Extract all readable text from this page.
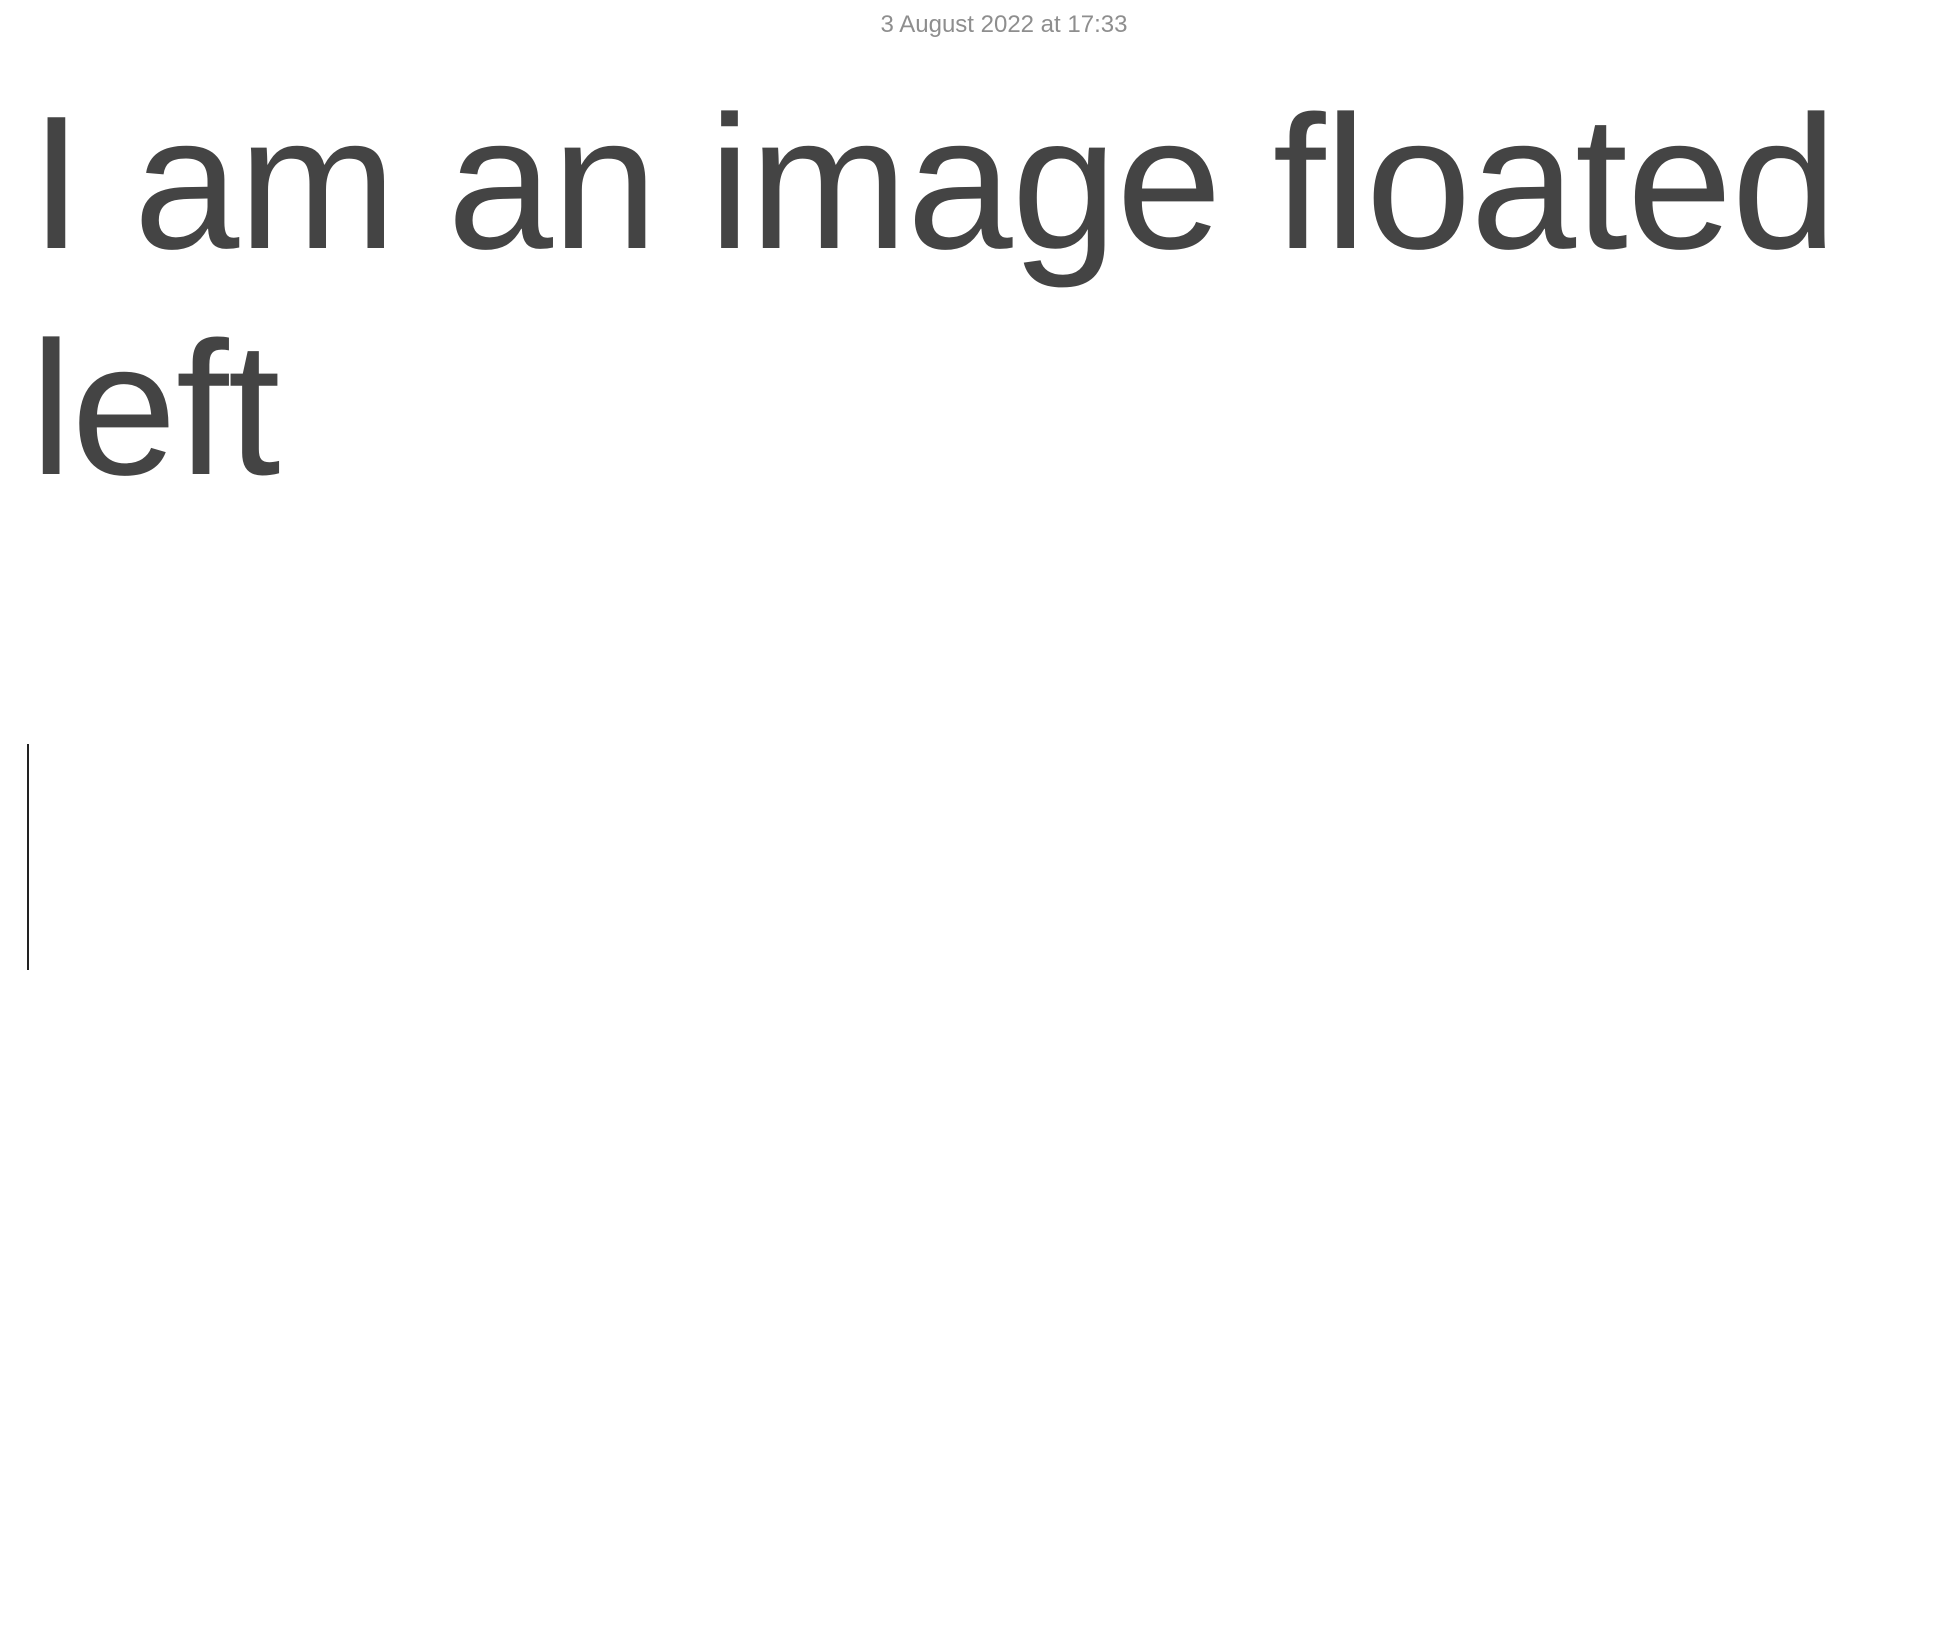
3 August 2022 at 17:33
I am an image floated left
